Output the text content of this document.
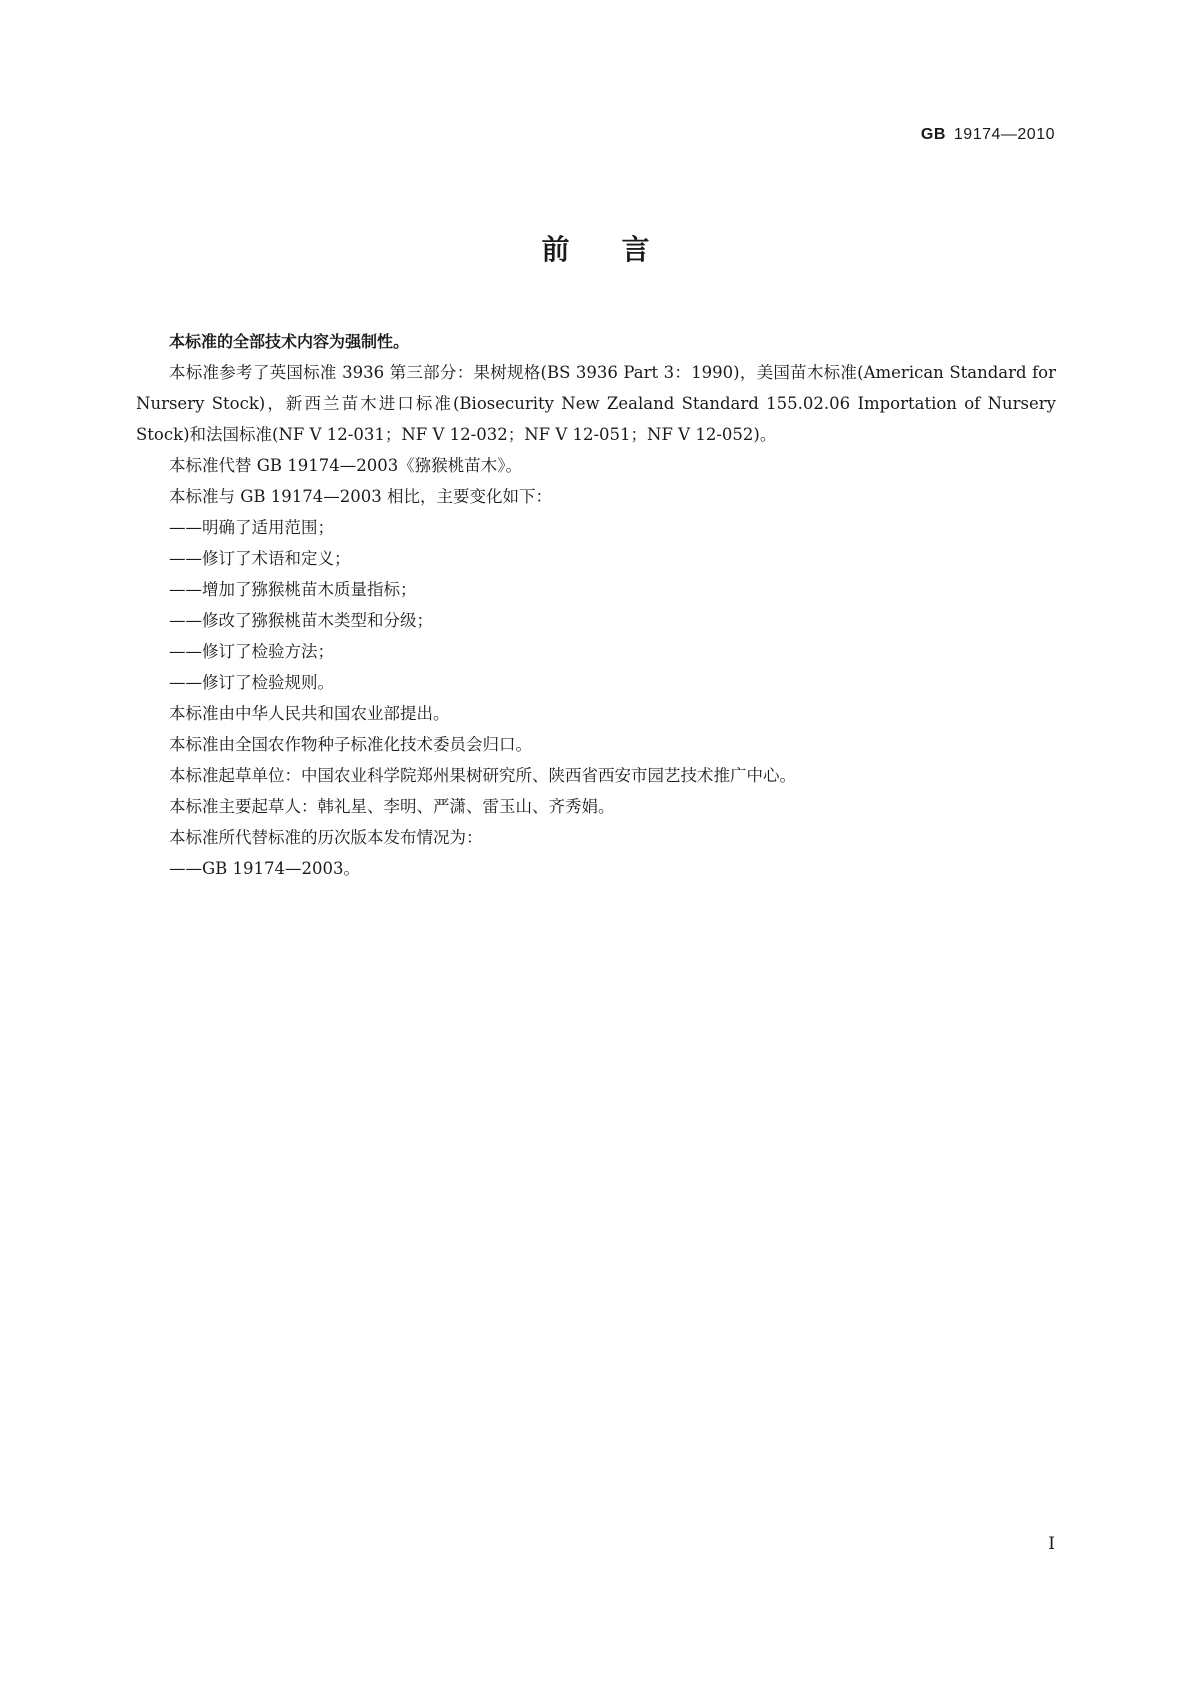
GB 19174—2010
前言

本标准的全部技术内容为强制性。

本标准参考了英国标准 3936 第三部分：果树规格(BS 3936 Part 3：1990)，美国苗木标准(American Standard for Nursery Stock)，新西兰苗木进口标准(Biosecurity New Zealand Standard 155.02.06 Importation of Nursery Stock)和法国标准(NF V 12-031；NF V 12-032；NF V 12-051；NF V 12-052)。

本标准代替 GB 19174—2003《猕猴桃苗木》。

本标准与 GB 19174—2003 相比，主要变化如下：

——明确了适用范围；

——修订了术语和定义；

——增加了猕猴桃苗木质量指标；

——修改了猕猴桃苗木类型和分级；

——修订了检验方法；

——修订了检验规则。

本标准由中华人民共和国农业部提出。

本标准由全国农作物种子标准化技术委员会归口。

本标准起草单位：中国农业科学院郑州果树研究所、陕西省西安市园艺技术推广中心。

本标准主要起草人：韩礼星、李明、严潇、雷玉山、齐秀娟。

本标准所代替标准的历次版本发布情况为：

——GB 19174—2003。

I
